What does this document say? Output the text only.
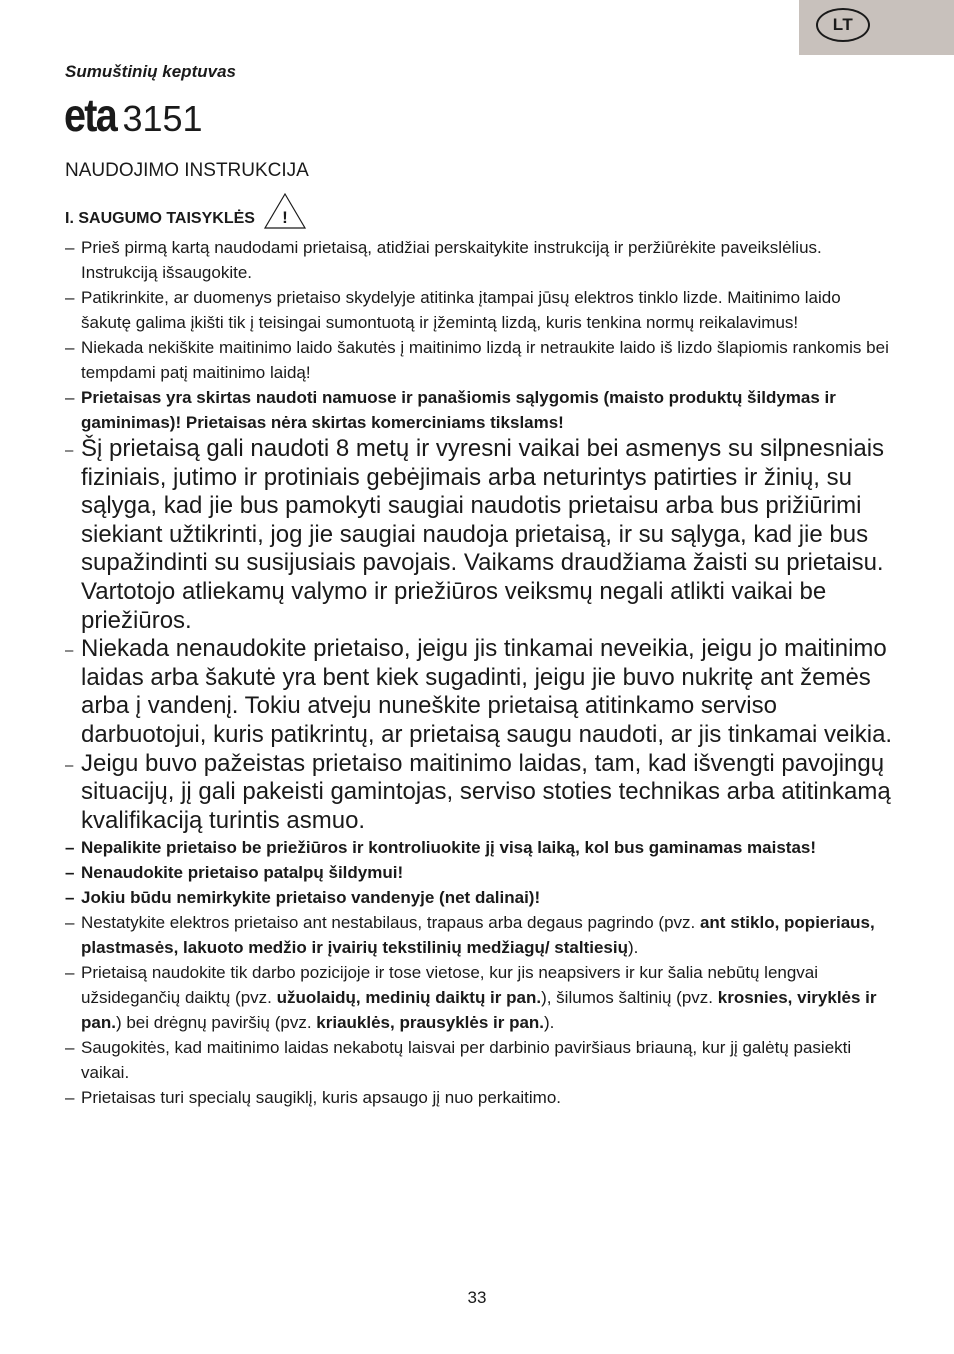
LT
Sumuštinių keptuvas
eta 3151
NAUDOJIMO INSTRUKCIJA
I. SAUGUMO TAISYKLĖS !
– Prieš pirmą kartą naudodami prietaisą, atidžiai perskaitykite instrukciją ir peržiūrėkite paveikslėlius. Instrukciją išsaugokite.
– Patikrinkite, ar duomenys prietaiso skydelyje atitinka įtampai jūsų elektros tinklo lizde. Maitinimo laido šakutę galima įkišti tik į teisingai sumontuotą ir įžemintą lizdą, kuris tenkina normų reikalavimus!
– Niekada nekiškite maitinimo laido šakutės į maitinimo lizdą ir netraukite laido iš lizdo šlapiomis rankomis bei tempdami patį maitinimo laidą!
– Prietaisas yra skirtas naudoti namuose ir panašiomis sąlygomis (maisto produktų šildymas ir gaminimas)! Prietaisas nėra skirtas komerciniams tikslams!
– Šį prietaisą gali naudoti 8 metų ir vyresni vaikai bei asmenys su silpnesniais fiziniais, jutimo ir protiniais gebėjimais arba neturintys patirties ir žinių, su sąlyga, kad jie bus pamokyti saugiai naudotis prietaisu arba bus prižiūrimi siekiant užtikrinti, jog jie saugiai naudoja prietaisą, ir su sąlyga, kad jie bus supažindinti su susijusiais pavojais. Vaikams draudžiama žaisti su prietaisu. Vartotojo atliekamų valymo ir priežiūros veiksmų negali atlikti vaikai be priežiūros.
– Niekada nenaudokite prietaiso, jeigu jis tinkamai neveikia, jeigu jo maitinimo laidas arba šakutė yra bent kiek sugadinti, jeigu jie buvo nukritę ant žemės arba į vandenį. Tokiu atveju nuneškite prietaisą atitinkamo serviso darbuotojui, kuris patikrintų, ar prietaisą saugu naudoti, ar jis tinkamai veikia.
– Jeigu buvo pažeistas prietaiso maitinimo laidas, tam, kad išvengti pavojingų situacijų, jį gali pakeisti gamintojas, serviso stoties technikas arba atitinkamą kvalifikaciją turintis asmuo.
– Nepalikite prietaiso be priežiūros ir kontroliuokite jį visą laiką, kol bus gaminamas maistas!
– Nenaudokite prietaiso patalpų šildymui!
– Jokiu būdu nemirkykite prietaiso vandenyje (net dalinai)!
– Nestatykite elektros prietaiso ant nestabilaus, trapaus arba degaus pagrindo (pvz. ant stiklo, popieriaus, plastmasės, lakuoto medžio ir įvairių tekstilinių medžiagų/ staltiesių).
– Prietaisą naudokite tik darbo pozicijoje ir tose vietose, kur jis neapsivers ir kur šalia nebūtų lengvai užsidegančių daiktų (pvz. užuolaidų, medinių daiktų ir pan.), šilumos šaltinių (pvz. krosnies, viryklės ir pan.) bei drėgnų paviršių (pvz. kriauklės, prausyklės ir pan.).
– Saugokitės, kad maitinimo laidas nekabotų laisvai per darbinio paviršiaus briauną, kur jį galėtų pasiekti vaikai.
– Prietaisas turi specialų saugiklį, kuris apsaugo jį nuo perkaitimo.
33
